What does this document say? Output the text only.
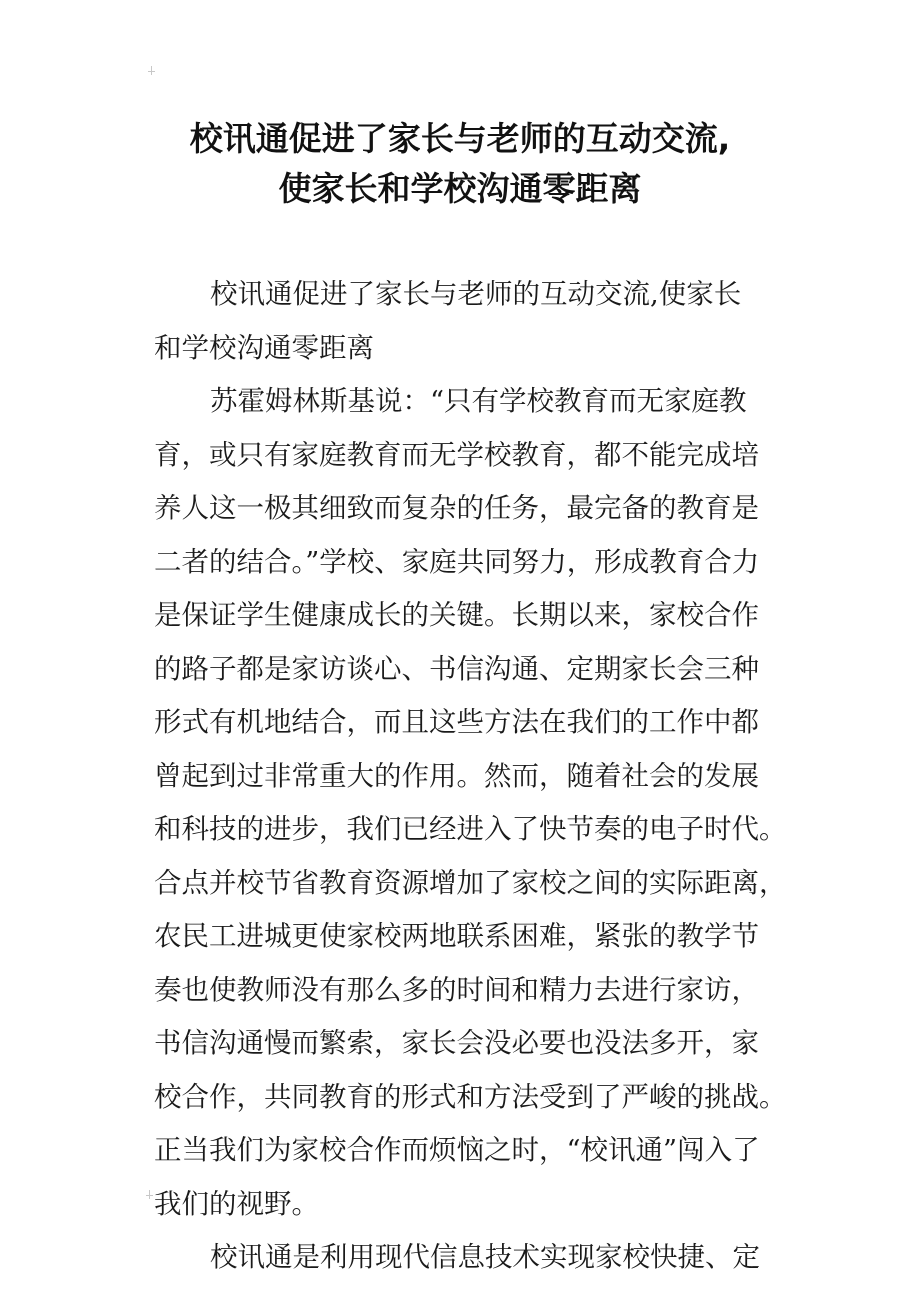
校讯通促进了家长与老师的互动交流,
使家长和学校沟通零距离

校讯通促进了家长与老师的互动交流,使家长
和学校沟通零距离

苏霍姆林斯基说：“只有学校教育而无家庭教
育，或只有家庭教育而无学校教育，都不能完成培
养人这一极其细致而复杂的任务，最完备的教育是
二者的结合。”学校、家庭共同努力，形成教育合力
是保证学生健康成长的关键。长期以来，家校合作
的路子都是家访谈心、书信沟通、定期家长会三种
形式有机地结合，而且这些方法在我们的工作中都
曾起到过非常重大的作用。然而，随着社会的发展
和科技的进步，我们已经进入了快节奏的电子时代。
合点并校节省教育资源增加了家校之间的实际距离，
农民工进城更使家校两地联系困难，紧张的教学节
奏也使教师没有那么多的时间和精力去进行家访，
书信沟通慢而繁索，家长会没必要也没法多开，家
校合作，共同教育的形式和方法受到了严峻的挑战。
正当我们为家校合作而烦恼之时，“校讯通”闯入了
我们的视野。

校讯通是利用现代信息技术实现家校快捷、定
